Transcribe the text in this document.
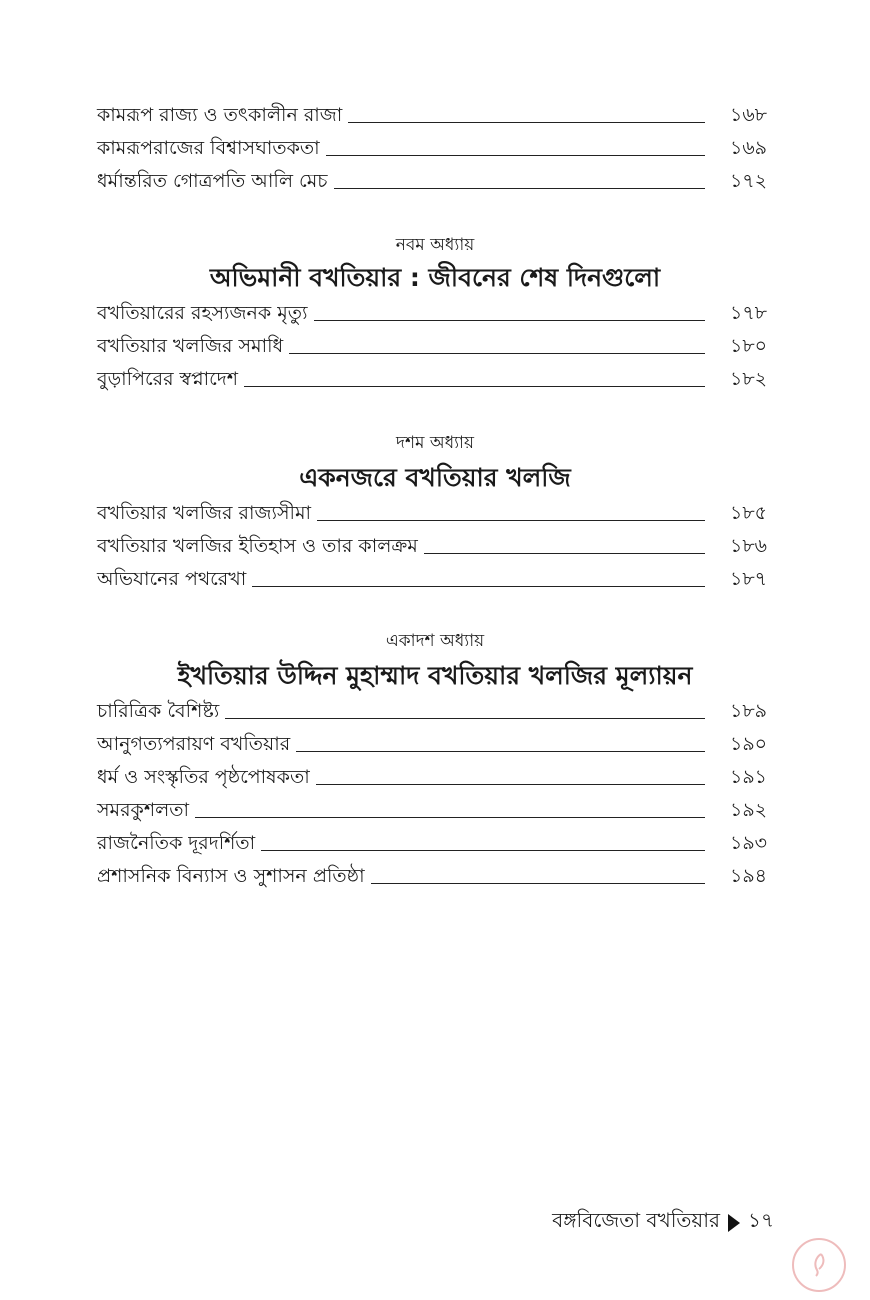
কামরূপ রাজ্য ও তৎকালীন রাজা	১৬৮
কামরূপরাজের বিশ্বাসঘাতকতা	১৬৯
ধর্মান্তরিত গোত্রপতি আলি মেচ	১৭২
নবম অধ্যায়
অভিমানী বখতিয়ার : জীবনের শেষ দিনগুলো
বখতিয়ারের রহস্যজনক মৃত্যু	১৭৮
বখতিয়ার খলজির সমাধি	১৮০
বুড়াপিরের স্বপ্নাদেশ	১৮২
দশম অধ্যায়
একনজরে বখতিয়ার খলজি
বখতিয়ার খলজির রাজ্যসীমা	১৮৫
বখতিয়ার খলজির ইতিহাস ও তার কালক্রম	১৮৬
অভিযানের পথরেখা	১৮৭
একাদশ অধ্যায়
ইখতিয়ার উদ্দিন মুহাম্মাদ বখতিয়ার খলজির মূল্যায়ন
চারিত্রিক বৈশিষ্ট্য	১৮৯
আনুগত্যপরায়ণ বখতিয়ার	১৯০
ধর্ম ও সংস্কৃতির পৃষ্ঠপোষকতা	১৯১
সমরকুশলতা	১৯২
রাজনৈতিক দূরদর্শিতা	১৯৩
প্রশাসনিক বিন্যাস ও সুশাসন প্রতিষ্ঠা	১৯৪
বঙ্গবিজেতা বখতিয়ার ১৭
